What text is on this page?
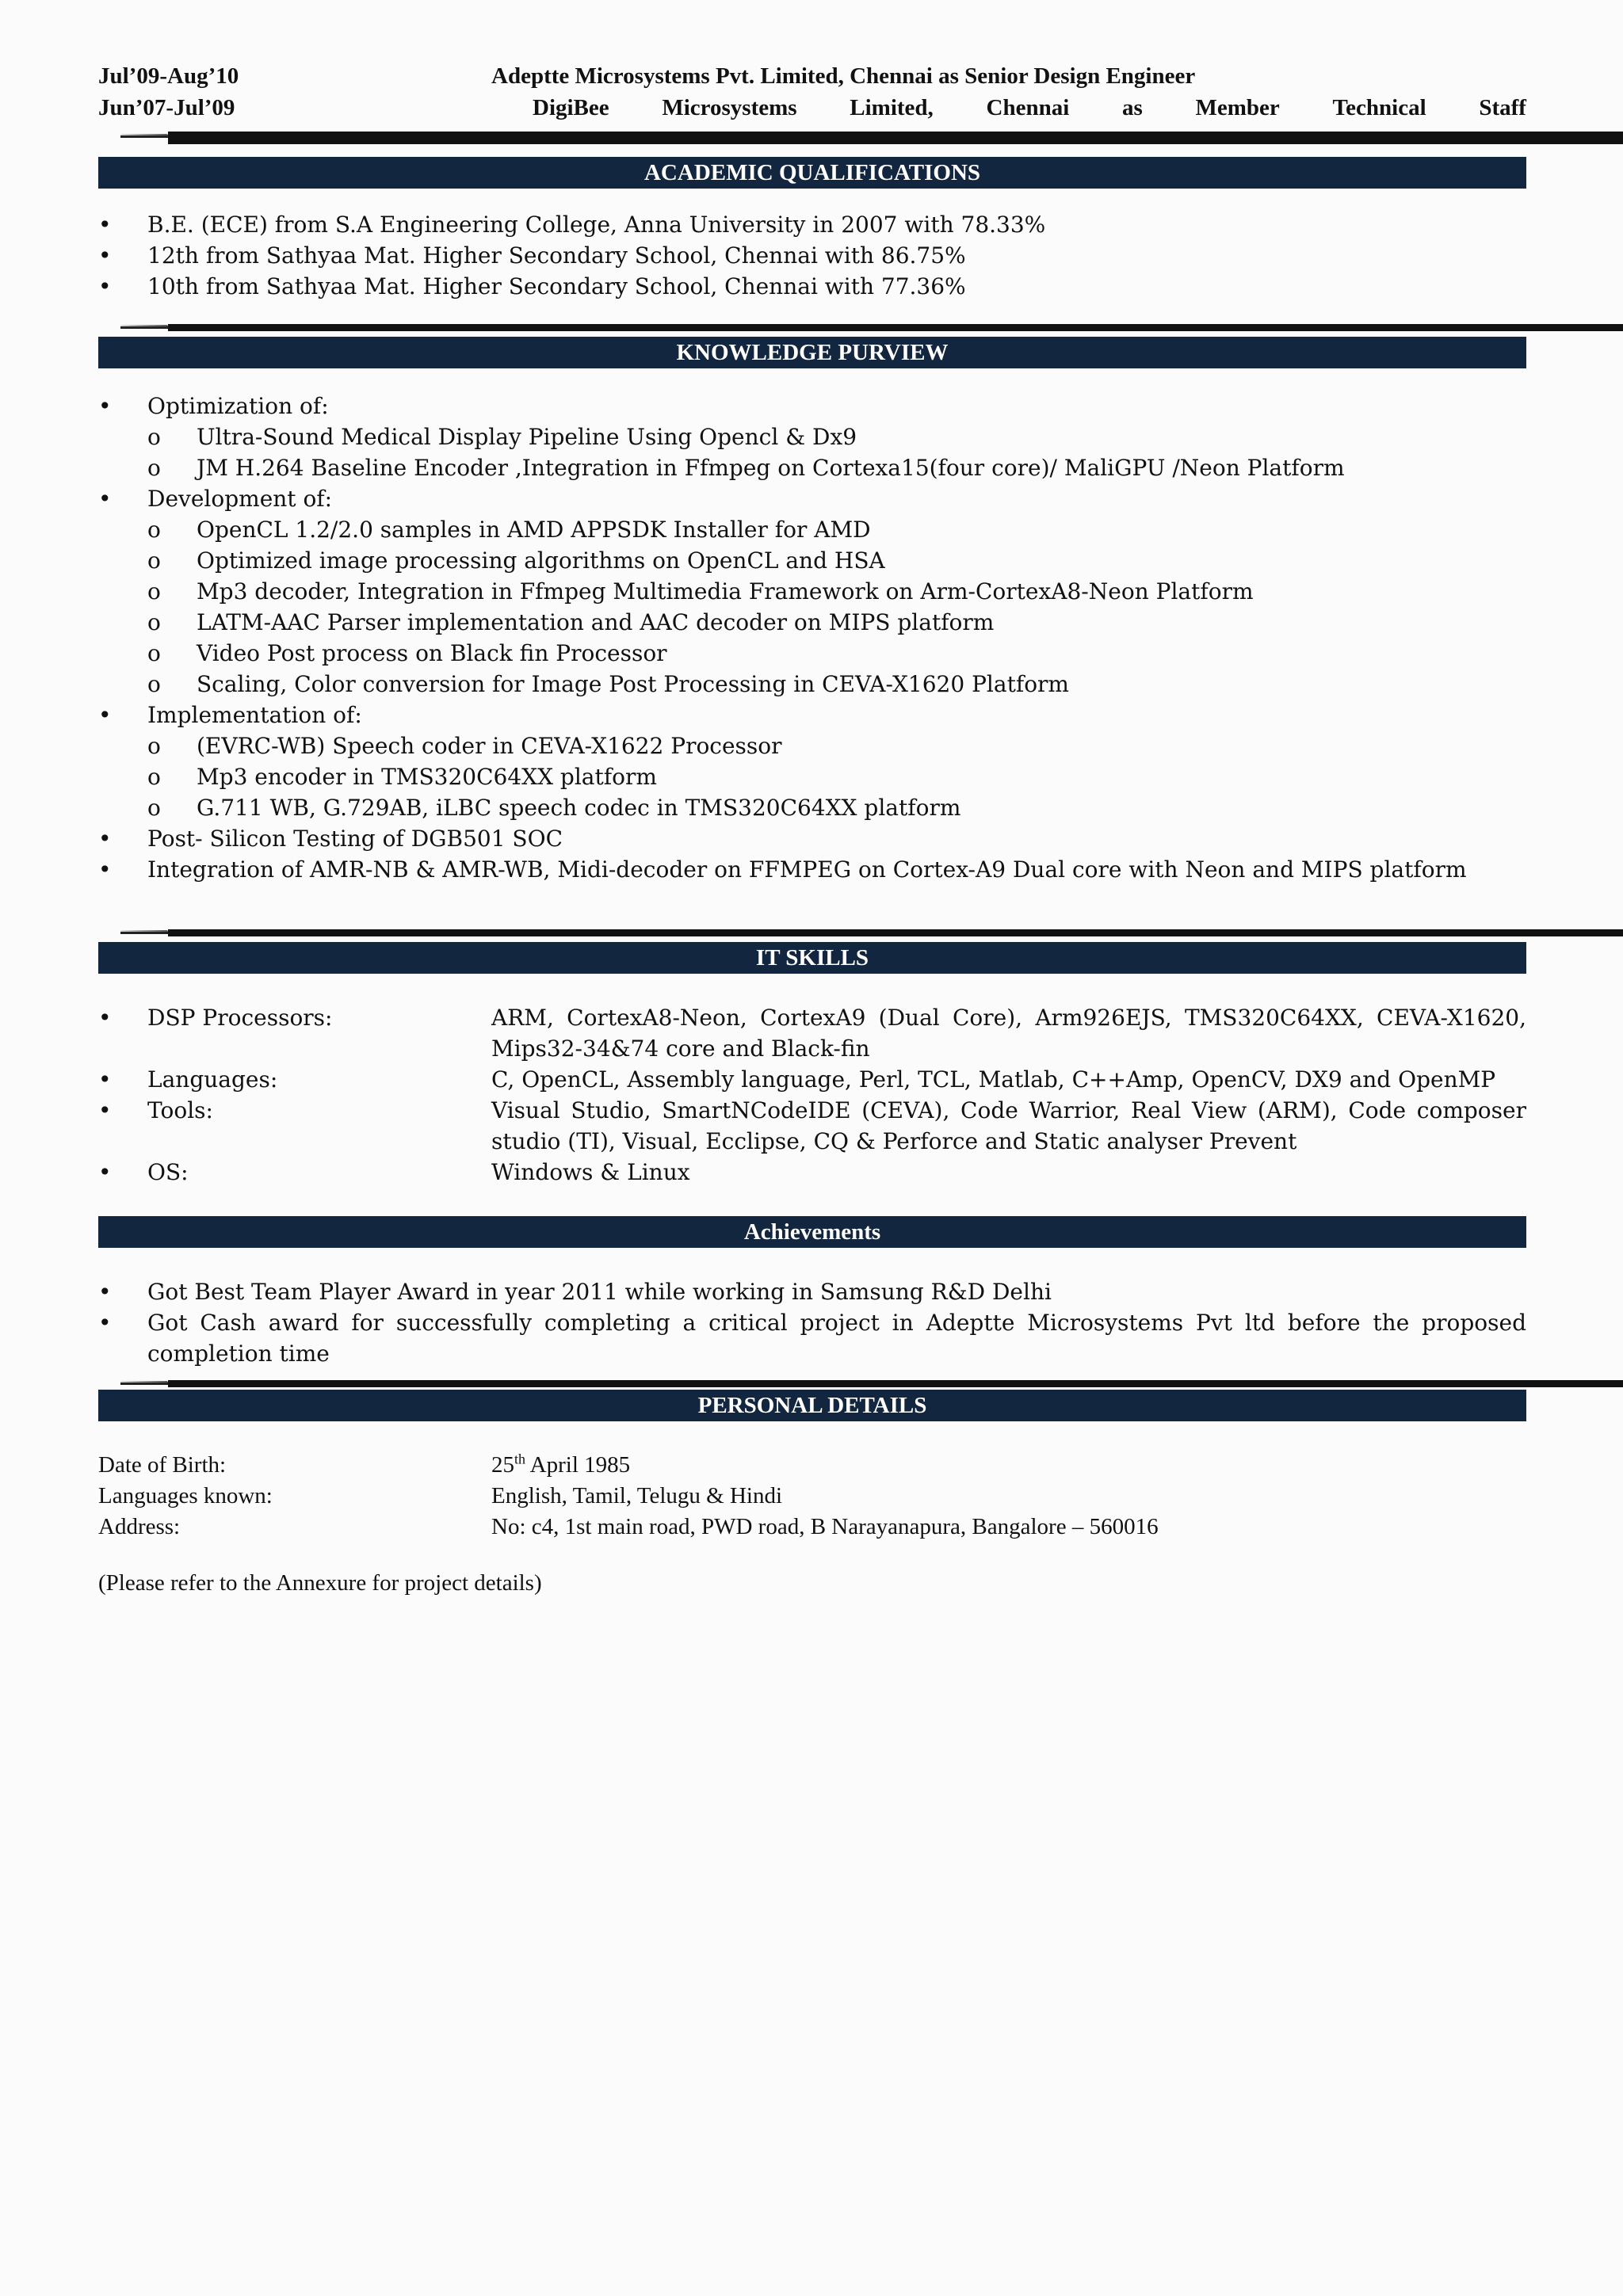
Jul’09-Aug’10	Adeptte Microsystems Pvt. Limited, Chennai as Senior Design Engineer
Jun’07-Jul’09	DigiBee Microsystems Limited, Chennai as Member Technical Staff
ACADEMIC QUALIFICATIONS
• B.E. (ECE) from S.A Engineering College, Anna University in 2007 with 78.33%
• 12th from Sathyaa Mat. Higher Secondary School, Chennai with 86.75%
• 10th from Sathyaa Mat. Higher Secondary School, Chennai with 77.36%
KNOWLEDGE PURVIEW
• Optimization of:
o Ultra-Sound Medical Display Pipeline Using Opencl & Dx9
o JM H.264 Baseline Encoder ,Integration in Ffmpeg on Cortexa15(four core)/ MaliGPU /Neon Platform
• Development of:
o OpenCL 1.2/2.0 samples in AMD APPSDK Installer for AMD
o Optimized image processing algorithms on OpenCL and HSA
o Mp3 decoder, Integration in Ffmpeg Multimedia Framework on Arm-CortexA8-Neon Platform
o LATM-AAC Parser implementation and AAC decoder on MIPS platform
o Video Post process on Black fin Processor
o Scaling, Color conversion for Image Post Processing in CEVA-X1620 Platform
• Implementation of:
o (EVRC-WB) Speech coder in CEVA-X1622 Processor
o Mp3 encoder in TMS320C64XX platform
o G.711 WB, G.729AB, iLBC speech codec in TMS320C64XX platform
• Post- Silicon Testing of DGB501 SOC
• Integration of AMR-NB & AMR-WB, Midi-decoder on FFMPEG on Cortex-A9 Dual core with Neon and MIPS platform
IT SKILLS
• DSP Processors:	ARM, CortexA8-Neon, CortexA9 (Dual Core), Arm926EJS, TMS320C64XX, CEVA-X1620, Mips32-34&74 core and Black-fin
• Languages:	C, OpenCL, Assembly language, Perl, TCL, Matlab, C++Amp, OpenCV, DX9 and OpenMP
• Tools:	Visual Studio, SmartNCodeIDE (CEVA), Code Warrior, Real View (ARM), Code composer studio (TI), Visual, Ecclipse, CQ & Perforce and Static analyser Prevent
• OS:	Windows & Linux
Achievements
• Got Best Team Player Award in year 2011 while working in Samsung R&D Delhi
• Got Cash award for successfully completing a critical project in Adeptte Microsystems Pvt ltd before the proposed completion time
PERSONAL DETAILS
Date of Birth:	25th April 1985
Languages known:	English, Tamil, Telugu & Hindi
Address:	No: c4, 1st main road, PWD road, B Narayanapura, Bangalore – 560016
(Please refer to the Annexure for project details)
